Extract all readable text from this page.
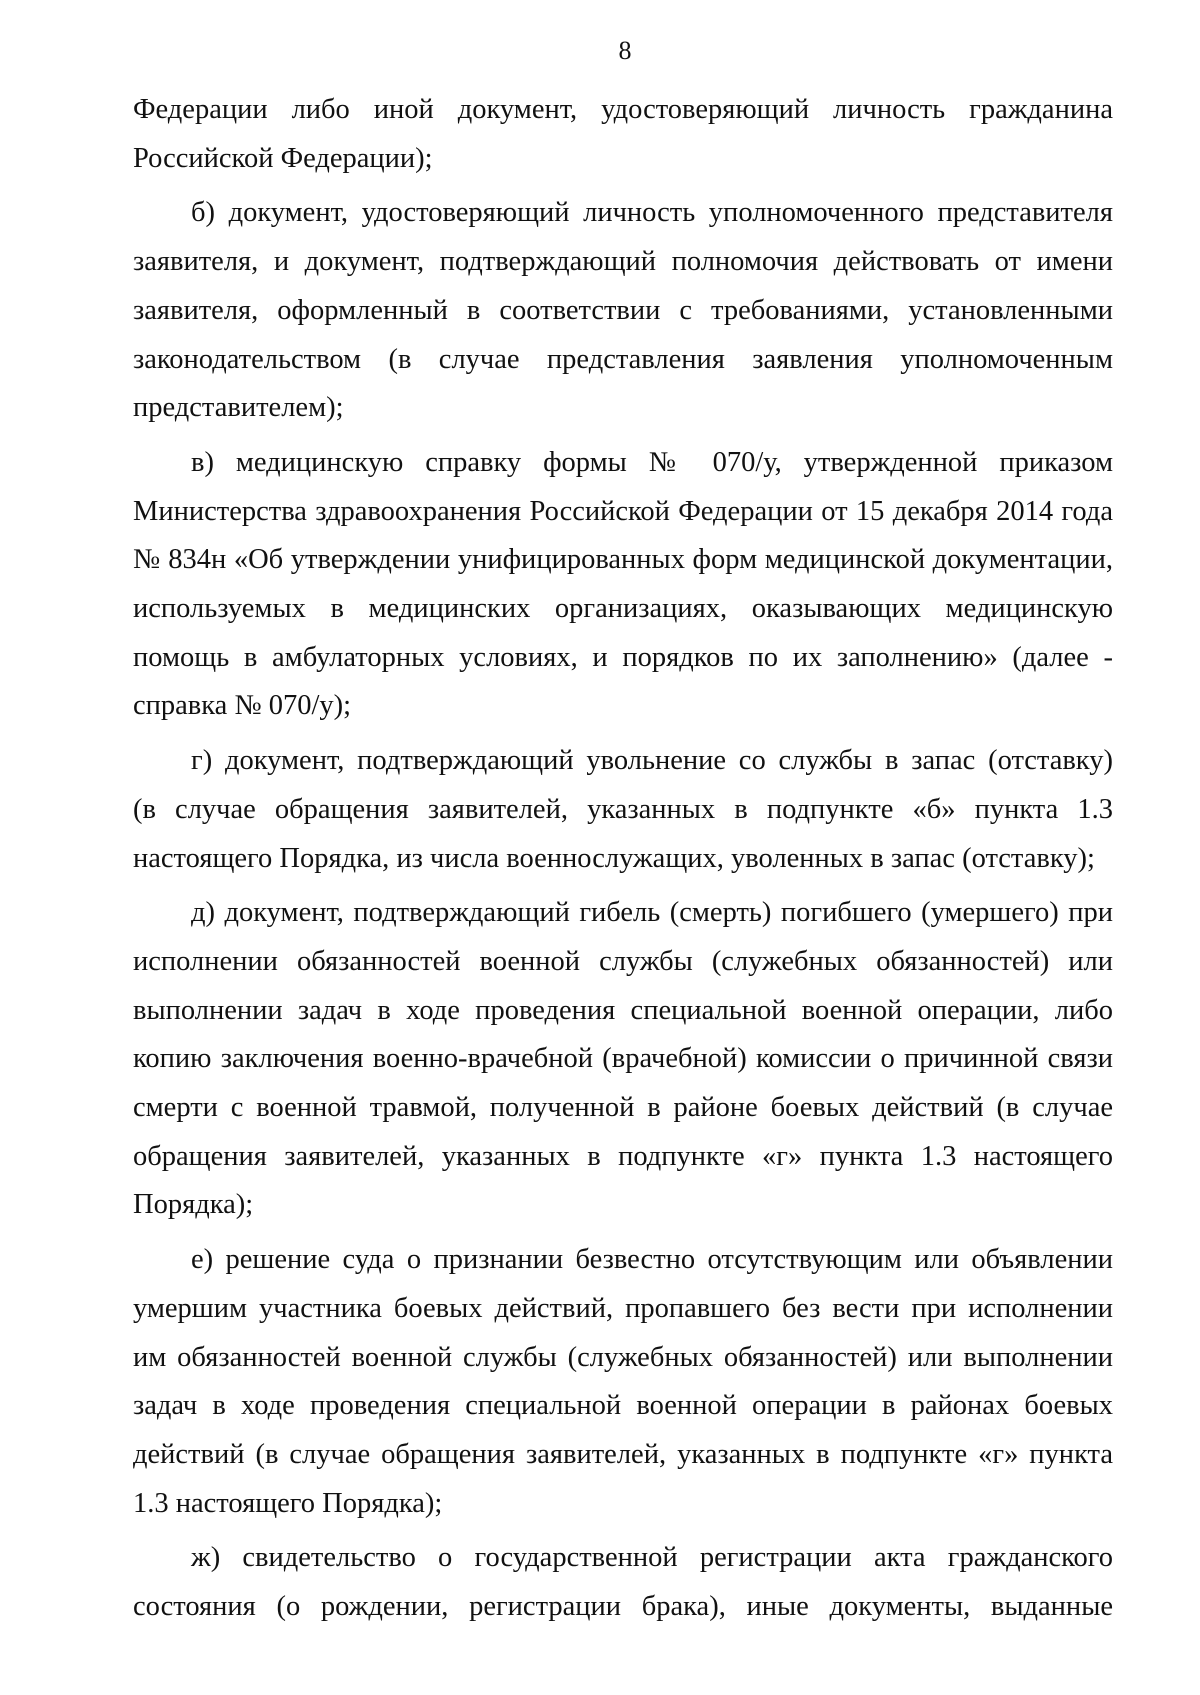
8
Федерации либо иной документ, удостоверяющий личность гражданина
Российской Федерации);
б) документ, удостоверяющий личность уполномоченного представителя
заявителя, и документ, подтверждающий полномочия действовать от имени
заявителя, оформленный в соответствии с требованиями, установленными
законодательством (в случае представления заявления уполномоченным
представителем);
в) медицинскую справку формы № 070/у, утвержденной приказом
Министерства здравоохранения Российской Федерации от 15 декабря 2014 года
№ 834н «Об утверждении унифицированных форм медицинской документации,
используемых в медицинских организациях, оказывающих медицинскую
помощь в амбулаторных условиях, и порядков по их заполнению» (далее -
справка № 070/у);
г) документ, подтверждающий увольнение со службы в запас (отставку)
(в случае обращения заявителей, указанных в подпункте «б» пункта 1.3
настоящего Порядка, из числа военнослужащих, уволенных в запас (отставку);
д) документ, подтверждающий гибель (смерть) погибшего (умершего) при
исполнении обязанностей военной службы (служебных обязанностей) или
выполнении задач в ходе проведения специальной военной операции, либо
копию заключения военно-врачебной (врачебной) комиссии о причинной связи
смерти с военной травмой, полученной в районе боевых действий (в случае
обращения заявителей, указанных в подпункте «г» пункта 1.3 настоящего
Порядка);
е) решение суда о признании безвестно отсутствующим или объявлении
умершим участника боевых действий, пропавшего без вести при исполнении
им обязанностей военной службы (служебных обязанностей) или выполнении
задач в ходе проведения специальной военной операции в районах боевых
действий (в случае обращения заявителей, указанных в подпункте «г» пункта
1.3 настоящего Порядка);
ж) свидетельство о государственной регистрации акта гражданского
состояния (о рождении, регистрации брака), иные документы, выданные
